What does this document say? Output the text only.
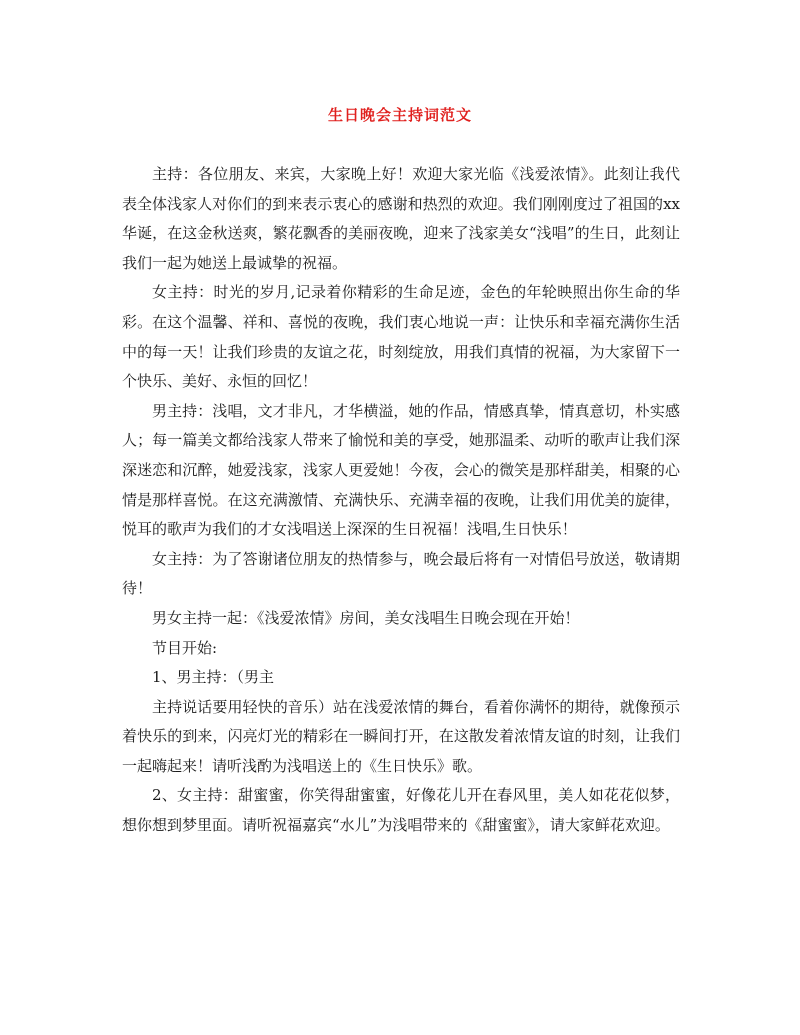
生日晚会主持词范文

主持：各位朋友、来宾，大家晚上好！欢迎大家光临《浅爱浓情》。此刻让我代表全体浅家人对你们的到来表示衷心的感谢和热烈的欢迎。我们刚刚度过了祖国的xx华诞，在这金秋送爽，繁花飘香的美丽夜晚，迎来了浅家美女“浅唱”的生日，此刻让我们一起为她送上最诚挚的祝福。

女主持：时光的岁月,记录着你精彩的生命足迹，金色的年轮映照出你生命的华彩。在这个温馨、祥和、喜悦的夜晚，我们衷心地说一声：让快乐和幸福充满你生活中的每一天！让我们珍贵的友谊之花，时刻绽放，用我们真情的祝福，为大家留下一个快乐、美好、永恒的回忆！

男主持：浅唱，文才非凡，才华横溢，她的作品，情感真挚，情真意切，朴实感人；每一篇美文都给浅家人带来了愉悦和美的享受，她那温柔、动听的歌声让我们深深迷恋和沉醉，她爱浅家，浅家人更爱她！今夜，会心的微笑是那样甜美，相聚的心情是那样喜悦。在这充满激情、充满快乐、充满幸福的夜晚，让我们用优美的旋律，悦耳的歌声为我们的才女浅唱送上深深的生日祝福！浅唱,生日快乐！

女主持：为了答谢诸位朋友的热情参与，晚会最后将有一对情侣号放送，敬请期待！

男女主持一起：《浅爱浓情》房间，美女浅唱生日晚会现在开始！

节目开始:

1、男主持：（男主

主持说话要用轻快的音乐）站在浅爱浓情的舞台，看着你满怀的期待，就像预示着快乐的到来，闪亮灯光的精彩在一瞬间打开，在这散发着浓情友谊的时刻，让我们一起嗨起来！请听浅酌为浅唱送上的《生日快乐》歌。

2、女主持：甜蜜蜜，你笑得甜蜜蜜，好像花儿开在春风里，美人如花花似梦，想你想到梦里面。请听祝福嘉宾“水儿”为浅唱带来的《甜蜜蜜》，请大家鲜花欢迎。
